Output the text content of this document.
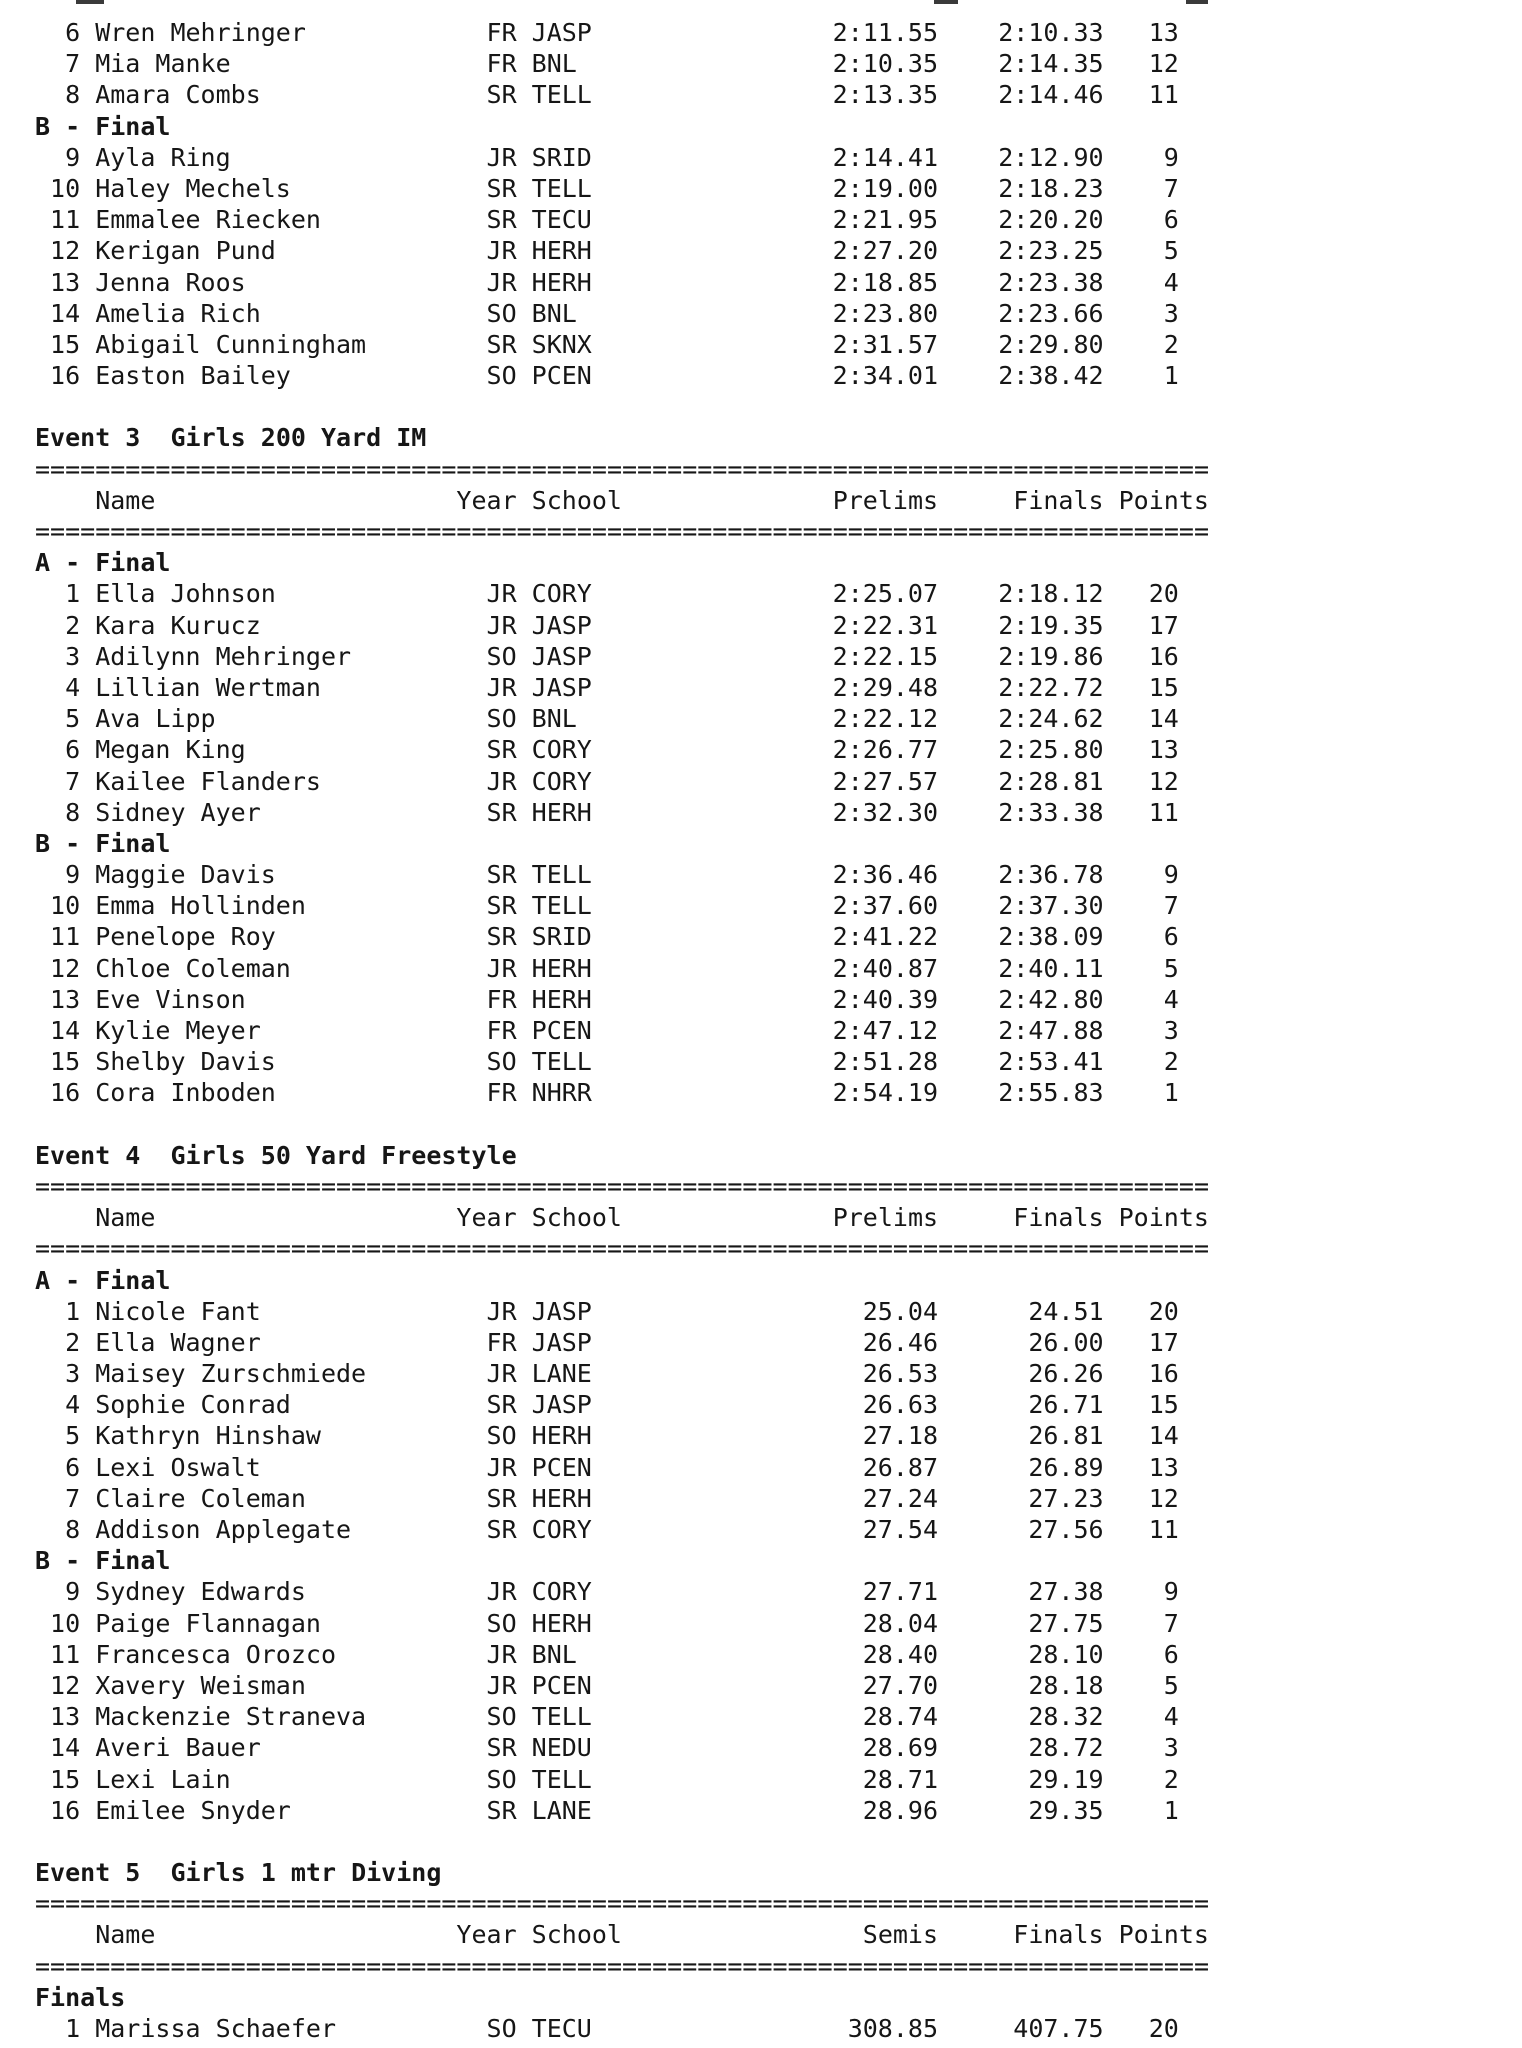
6 Wren Mehringer	FR JASP	2:11.55 2:10.33 13
7 Mia Manke	FR BNL	2:10.35 2:14.35 12
8 Amara Combs	SR TELL	2:13.35 2:14.46 11
B - Final
9 Ayla Ring	JR SRID	2:14.41 2:12.90 9
10 Haley Mechels	SR TELL	2:19.00 2:18.23 7
11 Emmalee Riecken	SR TECU	2:21.95 2:20.20 6
12 Kerigan Pund	JR HERH	2:27.20 2:23.25 5
13 Jenna Roos	JR HERH	2:18.85 2:23.38 4
14 Amelia Rich	SO BNL	2:23.80 2:23.66 3
15 Abigail Cunningham	SR SKNX	2:31.57 2:29.80 2
16 Easton Bailey	SO PCEN	2:34.01 2:38.42 1
Event 3  Girls 200 Yard IM
==============================================================================
Name	Year School	Prelims	Finals Points
==============================================================================
A - Final
1 Ella Johnson	JR CORY	2:25.07 2:18.12 20
2 Kara Kurucz	JR JASP	2:22.31 2:19.35 17
3 Adilynn Mehringer	SO JASP	2:22.15 2:19.86 16
4 Lillian Wertman	JR JASP	2:29.48 2:22.72 15
5 Ava Lipp	SO BNL	2:22.12 2:24.62 14
6 Megan King	SR CORY	2:26.77 2:25.80 13
7 Kailee Flanders	JR CORY	2:27.57 2:28.81 12
8 Sidney Ayer	SR HERH	2:32.30 2:33.38 11
B - Final
9 Maggie Davis	SR TELL	2:36.46 2:36.78 9
10 Emma Hollinden	SR TELL	2:37.60 2:37.30 7
11 Penelope Roy	SR SRID	2:41.22 2:38.09 6
12 Chloe Coleman	JR HERH	2:40.87 2:40.11 5
13 Eve Vinson	FR HERH	2:40.39 2:42.80 4
14 Kylie Meyer	FR PCEN	2:47.12 2:47.88 3
15 Shelby Davis	SO TELL	2:51.28 2:53.41 2
16 Cora Inboden	FR NHRR	2:54.19 2:55.83 1
Event 4  Girls 50 Yard Freestyle
==============================================================================
Name	Year School	Prelims	Finals Points
==============================================================================
A - Final
1 Nicole Fant	JR JASP	25.04	24.51 20
2 Ella Wagner	FR JASP	26.46	26.00 17
3 Maisey Zurschmiede	JR LANE	26.53	26.26 16
4 Sophie Conrad	SR JASP	26.63	26.71 15
5 Kathryn Hinshaw	SO HERH	27.18	26.81 14
6 Lexi Oswalt	JR PCEN	26.87	26.89 13
7 Claire Coleman	SR HERH	27.24	27.23 12
8 Addison Applegate	SR CORY	27.54	27.56 11
B - Final
9 Sydney Edwards	JR CORY	27.71	27.38 9
10 Paige Flannagan	SO HERH	28.04	27.75 7
11 Francesca Orozco	JR BNL	28.40	28.10 6
12 Xavery Weisman	JR PCEN	27.70	28.18 5
13 Mackenzie Straneva	SO TELL	28.74	28.32 4
14 Averi Bauer	SR NEDU	28.69	28.72 3
15 Lexi Lain	SO TELL	28.71	29.19 2
16 Emilee Snyder	SR LANE	28.96	29.35 1
Event 5  Girls 1 mtr Diving
==============================================================================
Name	Year School	Semis	Finals Points
==============================================================================
Finals
1 Marissa Schaefer	SO TECU	308.85	407.75 20
